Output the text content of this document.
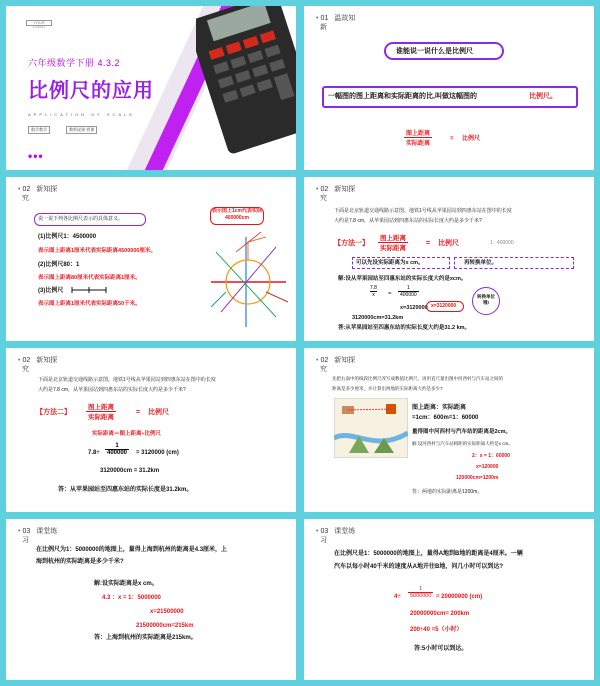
YOUR LOGO
六年级数学下册 4.3.2
比例尺的应用
APPLICATION OF SCALE
数学教学	教师说课·授课
•••
• 01 温故知
新
谁能说一说什么是比例尺
一幅图的图上距离和实际距离的比,叫做这幅图的	比例尺。
图上距离
实际距离
= 比例尺
• 02 新知探
究
说一说下列各比例尺表示的具体意义。
(1)比例尺1：4500000
表示图上距离1厘米代表实际距离4500000厘米。
(2)比例尺80：1
表示图上距离80厘米代表实际距离1厘米。
(3)比例尺
表示图上距离1厘米代表实际距离50千米。
表示图上1cm代表实际400000cm
• 02 新知探
究
下面是北京轨道交通线路示意图。地铁1号线从苹果园站到四惠东站在图中的长度
大约是7.8 cm，从苹果园站到四惠东站的实际长度大约是多少千米?
【方法一】
图上距离
实际距离
= 比例尺	1 : 400000
可以先设实际距离为x cm。	再转换单位。
解:设从苹果园站至四惠东站的实际长度大约是xcm。
$\frac{7.8}{x} = \frac{1}{400000}$
x=3120000
3120000cm=31.2km
答:从苹果园站至四惠东站的实际长度大约是31.2 km。
x=3120000
转换单位哦!
• 02 新知探
究
下面是北京轨道交通线路示意图。地铁1号线从苹果园站到四惠东站在图中的长度
大约是7.8 cm，从苹果园站到四惠东站的实际长度大约是多少千米?
【方法二】
图上距离
实际距离
= 比例尺
实际距离＝图上距离÷比例尺
$7.8\div \frac{1}{400000} = 3120000$ (cm)
3120000cm = 31.2km
答：从苹果园站至四惠东站的实际长度是31.2km。
• 02 新知探
究
先把右面中的线段比例尺改写成数值比例尺，再用直尺量出图中河西村与汽车站之间的
距离是多少厘米，并计算出两地的实际距离大约是多少?
图上距离：实际距离
=1cm：600m=1：60000
量得图中河西村与汽车站的距离是2cm。
解:设河西村与汽车站相距的实际距离大约是x cm。
2：x = 1：60000
x=120000
120000cm=1200m
答：两地的实际距离是1200m。
• 03 课堂练
习
在比例尺为1：5000000的地图上，量得上海到杭州的距离是4.3厘米，上
海到杭州的实际距离是多少千米?
解:设实际距离是x cm。
4.3 ：x = 1：5000000
x=21500000
21500000cm=215km
答：上海到杭州的实际距离是215km。
• 03 课堂练
习
在比例尺是1：5000000的地图上，量得A地到B地的距离是4厘米。一辆
汽车以每小时40千米的速度从A地开往B地，问几小时可以到达?
$4\div \frac{1}{5000000} = 20000000$ (cm)
20000000cm= 200km
200÷40 =5（小时）
答:5小时可以到达。
